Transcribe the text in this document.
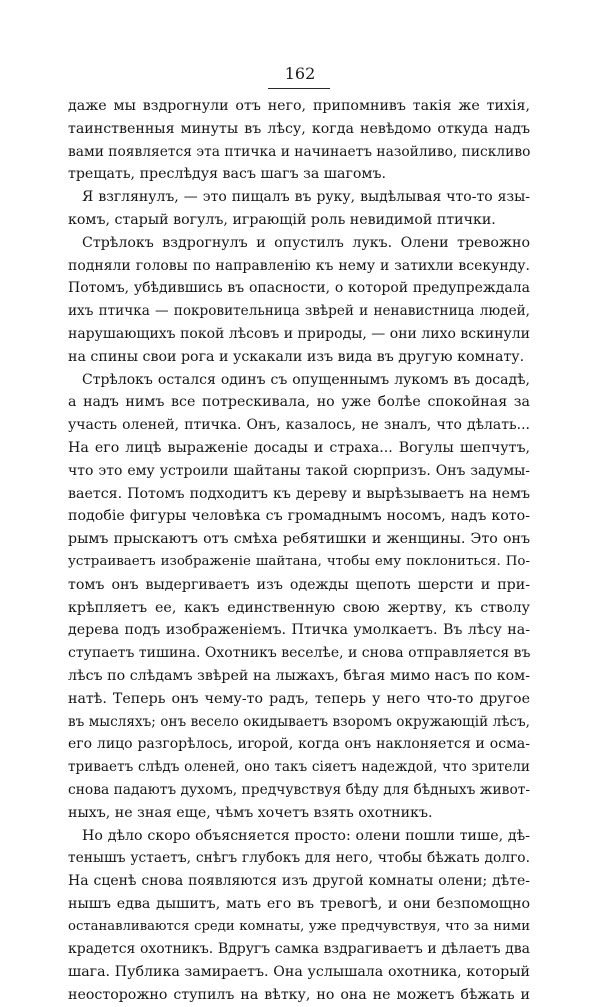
162
даже мы вздрогнули отъ него, припомнивъ такія же тихія,
таинственныя минуты въ лѣсу, когда невѣдомо откуда надъ
вами появляется эта птичка и начинаетъ назойливо, пискливо
трещать, преслѣдуя васъ шагъ за шагомъ.
Я взглянулъ, — это пищалъ въ руку, выдѣлывая что-то язы-
комъ, старый вогулъ, играющій роль невидимой птички.
Стрѣлокъ вздрогнулъ и опустилъ лукъ. Олени тревожно
подняли головы по направленію къ нему и затихли всекунду.
Потомъ, убѣдившись въ опасности, о которой предупреждала
ихъ птичка — покровительница звѣрей и ненавистница людей,
нарушающихъ покой лѣсовъ и природы, — они лихо вскинули
на спины свои рога и ускакали изъ вида въ другую комнату.
Стрѣлокъ остался одинъ съ опущеннымъ лукомъ въ досадѣ,
а надъ нимъ все потрескивала, но уже болѣе спокойная за
участь оленей, птичка. Онъ, казалось, не зналъ, что дѣлать...
На его лицѣ выраженіе досады и страха... Вогулы шепчутъ,
что это ему устроили шайтаны такой сюрпризъ. Онъ задумы-
вается. Потомъ подходитъ къ дереву и вырѣзываетъ на немъ
подобіе фигуры человѣка съ громаднымъ носомъ, надъ кото-
рымъ прыскаютъ отъ смѣха ребятишки и женщины. Это онъ
устраиваетъ изображеніе шайтана, чтобы ему поклониться. По-
томъ онъ выдергиваетъ изъ одежды щепоть шерсти и при-
крѣпляетъ ее, какъ единственную свою жертву, къ стволу
дерева подъ изображеніемъ. Птичка умолкаетъ. Въ лѣсу на-
ступаетъ тишина. Охотникъ веселѣе, и снова отправляется въ
лѣсъ по слѣдамъ звѣрей на лыжахъ, бѣгая мимо насъ по ком-
натѣ. Теперь онъ чему-то радъ, теперь у него что-то другое
въ мысляхъ; онъ весело окидываетъ взоромъ окружающій лѣсъ,
его лицо разгорѣлось, иropой, когда онъ наклоняется и осма-
триваетъ слѣдъ оленей, оно такъ сіяетъ надеждой, что зрители
снова падаютъ духомъ, предчувствуя бѣду для бѣдныхъ живот-
ныхъ, не зная еще, чѣмъ хочетъ взять охотникъ.
Но дѣло скоро объясняется просто: олени пошли тише, дѣ-
тенышъ устаетъ, снѣгъ глубокъ для него, чтобы бѣжать долго.
На сценѣ снова появляются изъ другой комнаты олени; дѣте-
нышъ едва дышитъ, мать его въ тревогѣ, и они безпомощно
останавливаются среди комнаты, уже предчувствуя, что за ними
крадется охотникъ. Вдругъ самка вздрагиваетъ и дѣлаетъ два
шага. Публика замираетъ. Она услышала охотника, который
неосторожно ступилъ на вѣтку, но она не можетъ бѣжать и
